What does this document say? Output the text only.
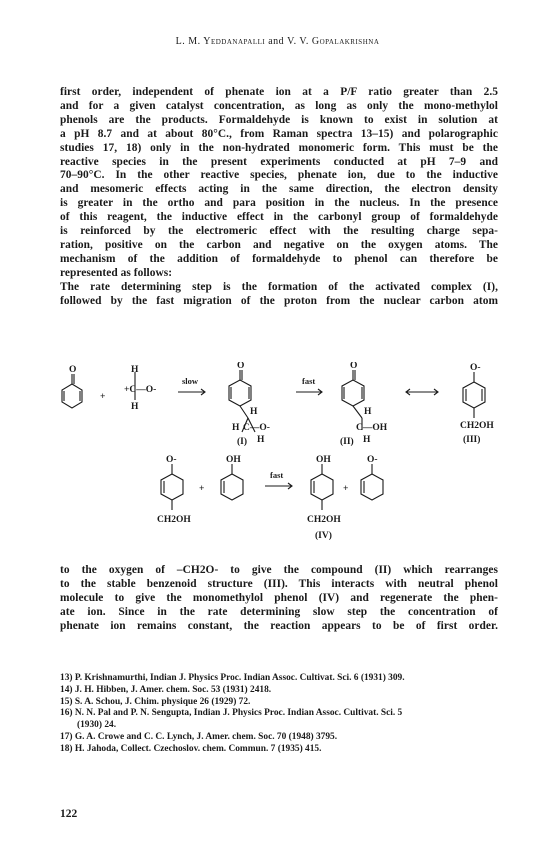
L. M. Yeddanapalli and V. V. Gopalakrishna
first order, independent of phenate ion at a P/F ratio greater than 2.5
and for a given catalyst concentration, as long as only the mono-methylol
phenols are the products. Formaldehyde is known to exist in solution at
a pH 8.7 and at about 80°C., from Raman spectra 13–15) and polarographic
studies 17, 18) only in the non-hydrated monomeric form. This must be the
reactive species in the present experiments conducted at pH 7–9 and
70–90°C. In the other reactive species, phenate ion, due to the inductive
and mesomeric effects acting in the same direction, the electron density
is greater in the ortho and para position in the nucleus. In the presence
of this reagent, the inductive effect in the carbonyl group of formaldehyde
is reinforced by the electromeric effect with the resulting charge sepa-
ration, positive on the carbon and negative on the oxygen atoms. The
mechanism of the addition of formaldehyde to phenol can therefore be
represented as follows:
The rate determining step is the formation of the activated complex (I),
followed by the fast migration of the proton from the nuclear carbon atom
O
+
H
+C—O-
H
slow
O
H
H C—O-
(I) H
fast
O
H
C—OH
(II) H
O-
CH2OH
(III)
O-
CH2OH
+
OH
fast
OH
CH2OH
(IV)
+
O-
to the oxygen of –CH2O- to give the compound (II) which rearranges
to the stable benzenoid structure (III). This interacts with neutral phenol
molecule to give the monomethylol phenol (IV) and regenerate the phen-
ate ion. Since in the rate determining slow step the concentration of
phenate ion remains constant, the reaction appears to be of first order.
13) P. Krishnamurthi, Indian J. Physics Proc. Indian Assoc. Cultivat. Sci. 6 (1931) 309.
14) J. H. Hibben, J. Amer. chem. Soc. 53 (1931) 2418.
15) S. A. Schou, J. Chim. physique 26 (1929) 72.
16) N. N. Pal and P. N. Sengupta, Indian J. Physics Proc. Indian Assoc. Cultivat. Sci. 5
(1930) 24.
17) G. A. Crowe and C. C. Lynch, J. Amer. chem. Soc. 70 (1948) 3795.
18) H. Jahoda, Collect. Czechoslov. chem. Commun. 7 (1935) 415.
122
